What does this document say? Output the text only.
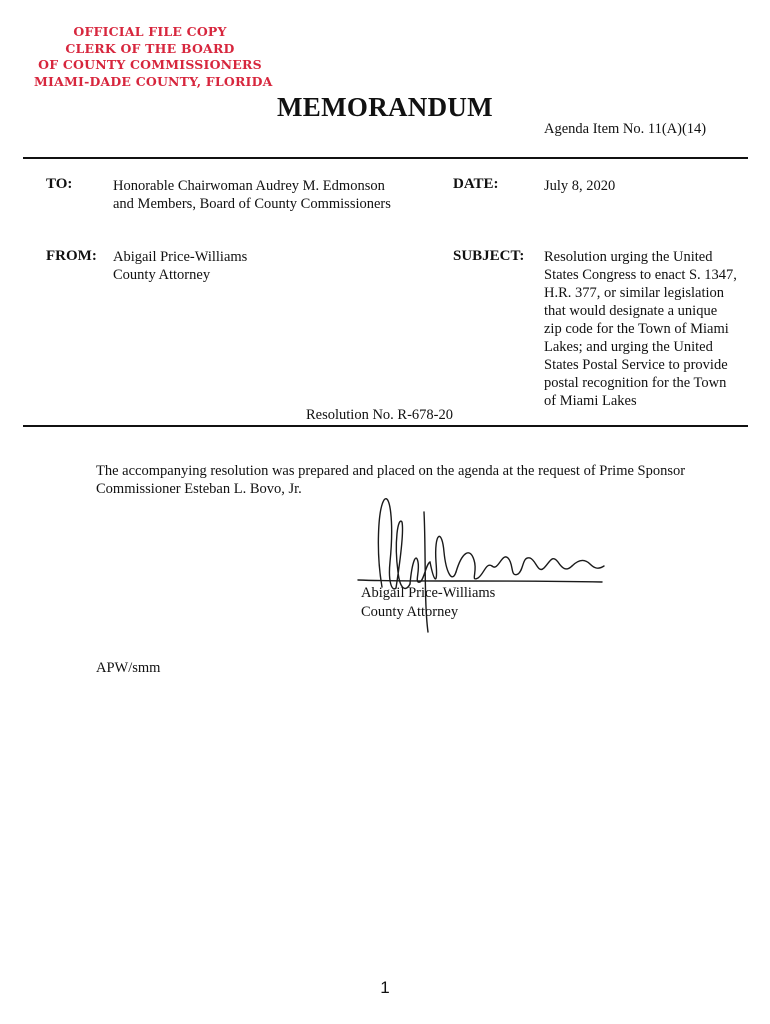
OFFICIAL FILE COPY
CLERK OF THE BOARD
OF COUNTY COMMISSIONERS
MIAMI-DADE COUNTY, FLORIDA
MEMORANDUM
Agenda Item No. 11(A)(14)
TO:	Honorable Chairwoman Audrey M. Edmonson
and Members, Board of County Commissioners
DATE:	July 8, 2020
FROM: Abigail Price-Williams
County Attorney
SUBJECT: Resolution urging the United
States Congress to enact S. 1347,
H.R. 377, or similar legislation
that would designate a unique
zip code for the Town of Miami
Lakes; and urging the United
States Postal Service to provide
postal recognition for the Town
of Miami Lakes
Resolution No. R-678-20
The accompanying resolution was prepared and placed on the agenda at the request of Prime Sponsor
Commissioner Esteban L. Bovo, Jr.
Abigail Price-Williams
County Attorney
APW/smm
1
